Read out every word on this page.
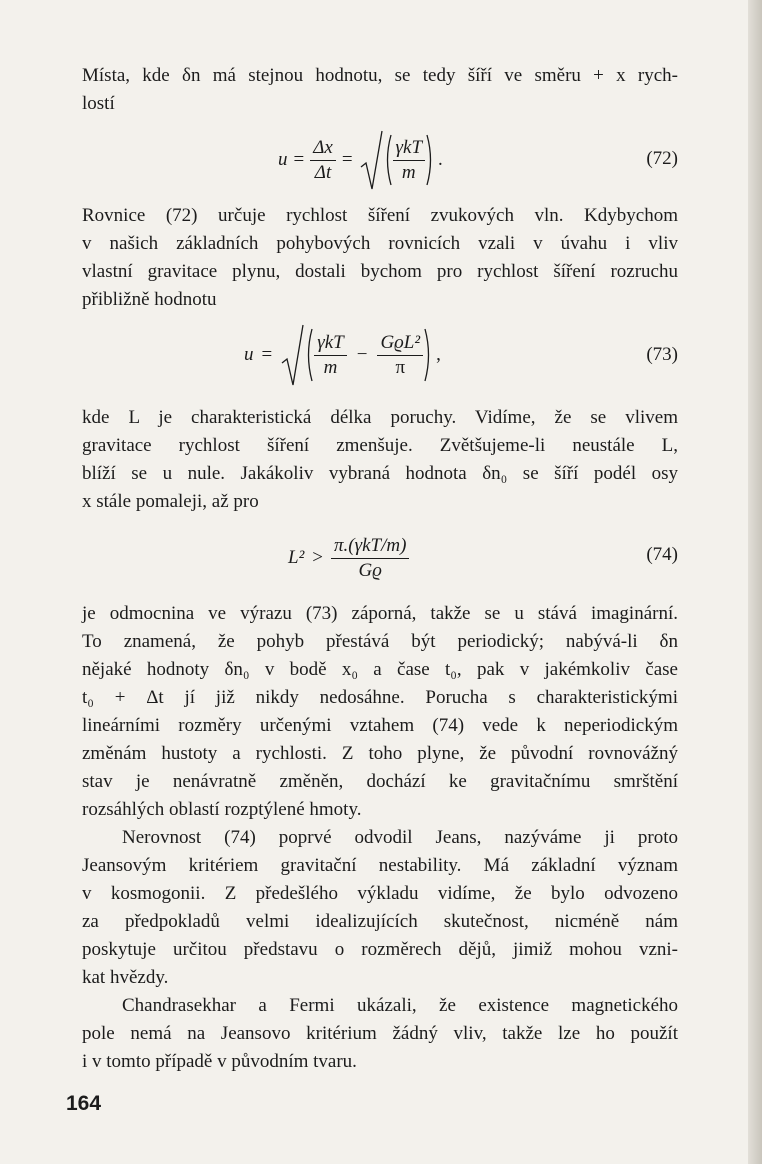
Místa, kde δn má stejnou hodnotu, se tedy šíří ve směru + x rych-
lostí
$u = \frac{\Delta x}{\Delta t} = \frac{\text{γkT}}{m}$ .	(72)
Rovnice (72) určuje rychlost šíření zvukových vln. Kdybychom
v našich základních pohybových rovnicích vzali v úvahu i vliv
vlastní gravitace plynu, dostali bychom pro rychlost šíření rozruchu
přibližně hodnotu
$u = \frac{\text{γkT}}{m} - \frac{\text{GϱL²}}{\pi}$ ,	(73)
kde L je charakteristická délka poruchy. Vidíme, že se vlivem
gravitace rychlost šíření zmenšuje. Zvětšujeme-li neustále L,
blíží se u nule. Jakákoliv vybraná hodnota δn₀ se šíří podél osy
x stále pomaleji, až pro
$L^2 > \frac{\text{π.(γkT/m)}}{Gϱ}$	(74)
je odmocnina ve výrazu (73) záporná, takže se u stává imaginární.
To znamená, že pohyb přestává být periodický; nabývá-li δn
nějaké hodnoty δn₀ v bodě x₀ a čase t₀, pak v jakémkoliv čase
t₀ + Δt jí již nikdy nedosáhne. Porucha s charakteristickými
lineárními rozměry určenými vztahem (74) vede k neperiodickým
změnám hustoty a rychlosti. Z toho plyne, že původní rovnovážný
stav je nenávratně změněn, dochází ke gravitačnímu smrštění
rozsáhlých oblastí rozptýlené hmoty.
Nerovnost (74) poprvé odvodil Jeans, nazýváme ji proto
Jeansovým kritériem gravitační nestability. Má základní význam
v kosmogonii. Z předešlého výkladu vidíme, že bylo odvozeno
za předpokladů velmi idealizujících skutečnost, nicméně nám
poskytuje určitou představu o rozměrech dějů, jimiž mohou vzni-
kat hvězdy.
Chandrasekhar a Fermi ukázali, že existence magnetického
pole nemá na Jeansovo kritérium žádný vliv, takže lze ho použít
i v tomto případě v původním tvaru.
164
